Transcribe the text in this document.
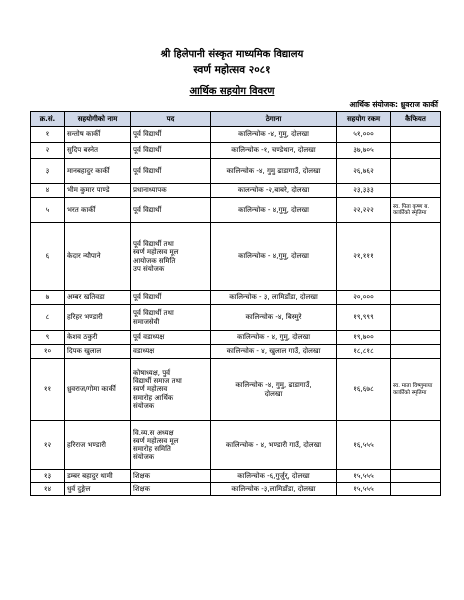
श्री हिलेपानी संस्कृत माध्यमिक विद्यालय
स्वर्ण महोत्सव २०८१
आर्थिक सहयोग विवरण
आर्थिक संयोजक: ध्रुवराज कार्की
क्र.सं.	सहयोगीको नाम	पद	ठेगाना	सहयोग रकम	कैफियत
१	सन्तोष कार्की	पूर्व विद्यार्थी	कालिन्चोक -४, गुमु, दोलखा	५१,०००	
२	सुदिप बस्नेत	पूर्व विद्यार्थी	कालिन्चोक -१, चण्डेथान, दोलखा	३७,७०५	
३	मानबहादुर कार्की	पूर्व विद्यार्थी	कालिन्चोक -४, गुमु ढाडागाउँ, दोलखा	२६,७६२	
४	भीम कुमार पाण्डे	प्रधानाध्यापक	कालन्चोक -२,बाबरे, दोलखा	२३,३३३	
५	भरत कार्की	पूर्व विद्यार्थी	कालिन्चोक - ४,गुमु, दोलखा	२२,२२२	स्व. पिता कृष्ण ब.
कार्कीको स्मृतिमा
६	केदार न्यौपाने	पूर्व विद्यार्थी तथा
स्वर्ण महोत्सव मूल
आयोजक समिति
उप संयोजक	कालिन्चोक - ४,गुमु, दोलखा	२१,१११	
७	अम्बर खतिवडा	पूर्व विद्यार्थी	कालिन्चोक - ३, लामिडाँडा, दोलखा	२०,०००	
८	हरिहर भण्डारी	पूर्व विद्यार्थी तथा
समाजसेवी	कालिन्चोक -४, बिस्मुरे	१९,९९९	
९	केशव ठकुरी	पूर्व वडाध्यक्ष	कालिन्चोक - ४, गुमु, दोलखा	१९,७००	
१०	दिपक खुलाल	वडाध्यक्ष	कालिन्चोक - ४, खुलाल गाउँ, दोलखा	१८,८१८	
११	ध्रुवराज/गोमा कार्की	कोषाध्यक्ष, पुर्व
विद्यार्थी समाज तथा
स्वर्ण महोत्सव
समारोह आर्थिक
संयोजक	कालिन्चोक -४, गुमु, ढाडागाउँ,
दोलखा	१६,६७८	स्व. माता विष्णुमाया
कार्कीको स्मृतिमा
१२	हरिराज भण्डारी	वि.व्य.स अध्यक्ष
स्वर्ण महोत्सव मूल
समारोह समिति
संयोजक	कालिन्चोक - ४, भण्डारी गाउँ, दोलखा	१६,५५५	
१३	डम्बर बहादुर थामी	शिक्षक	कालिन्चोक -६,गुर्जुर्, दोलखा	१५,५५५	
१४	धुर्व दुङ्गेल	शिक्षक	कालिन्चोक -३,लामिडाँडा, दोलखा	१५,५५५	
